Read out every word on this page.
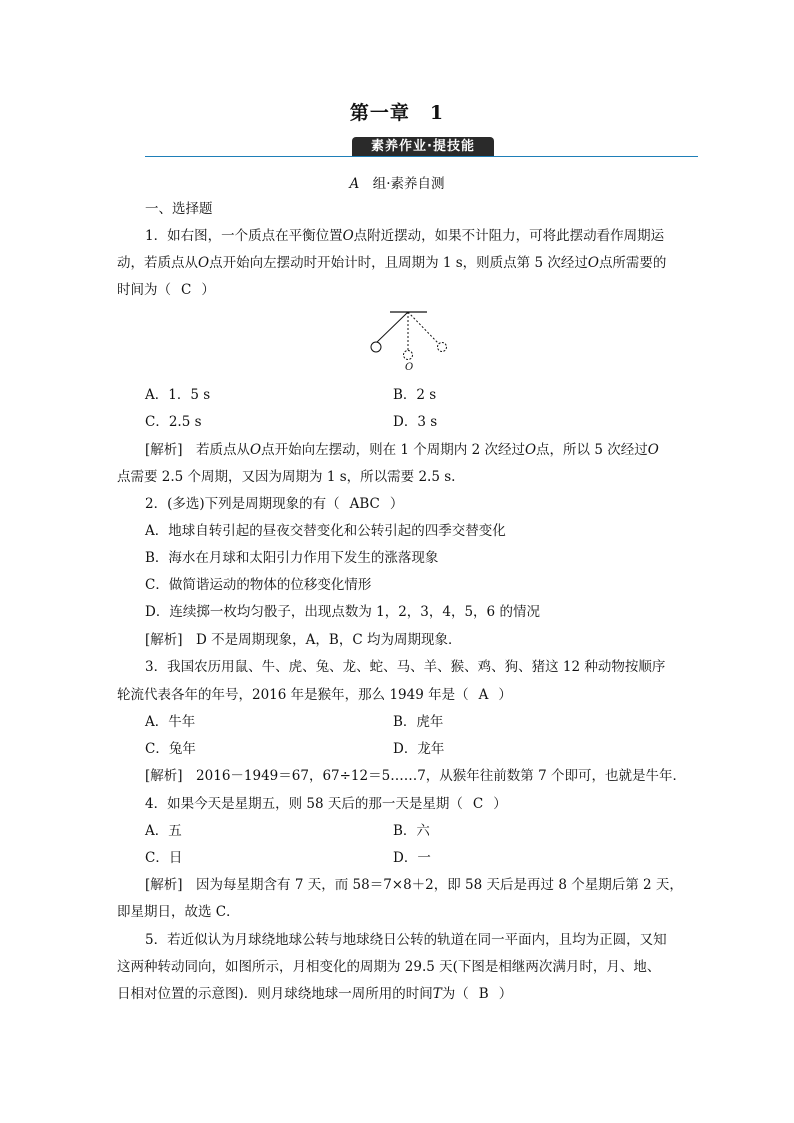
第一章　1
素养作业·提技能
A　 组·素养自测
一、选择题
1．如右图，一个质点在平衡位置O点附近摆动，如果不计阻力，可将此摆动看作周期运
动，若质点从O点开始向左摆动时开始计时，且周期为 1 s，则质点第 5 次经过O点所需要的
时间为（ C ）
O
A．1．5 s	B．2 s
C．2.5 s	D．3 s
[解析]　 若质点从O点开始向左摆动，则在 1 个周期内 2 次经过O点，所以 5 次经过O
点需要 2.5 个周期，又因为周期为 1 s，所以需要 2.5 s.
2．(多选)下列是周期现象的有（ ABC ）
A．地球自转引起的昼夜交替变化和公转引起的四季交替变化
B．海水在月球和太阳引力作用下发生的涨落现象
C．做简谐运动的物体的位移变化情形
D．连续掷一枚均匀骰子，出现点数为 1，2，3，4，5，6 的情况
[解析]　 D 不是周期现象，A，B，C 均为周期现象．
3．我国农历用鼠、牛、虎、兔、龙、蛇、马、羊、猴、鸡、狗、猪这 12 种动物按顺序
轮流代表各年的年号，2016 年是猴年，那么 1949 年是（ A ）
A．牛年	B．虎年
C．兔年	D．龙年
[解析]　 2016－1949＝67，67÷12＝5……7，从猴年往前数第 7 个即可，也就是牛年．
4．如果今天是星期五，则 58 天后的那一天是星期（ C ）
A．五	B．六
C．日	D．一
[解析]　 因为每星期含有 7 天，而 58＝7×8＋2，即 58 天后是再过 8 个星期后第 2 天，
即星期日，故选 C．
5．若近似认为月球绕地球公转与地球绕日公转的轨道在同一平面内，且均为正圆，又知
这两种转动同向，如图所示，月相变化的周期为 29.5 天(下图是相继两次满月时，月、地、
日相对位置的示意图)．则月球绕地球一周所用的时间T为（ B ）
